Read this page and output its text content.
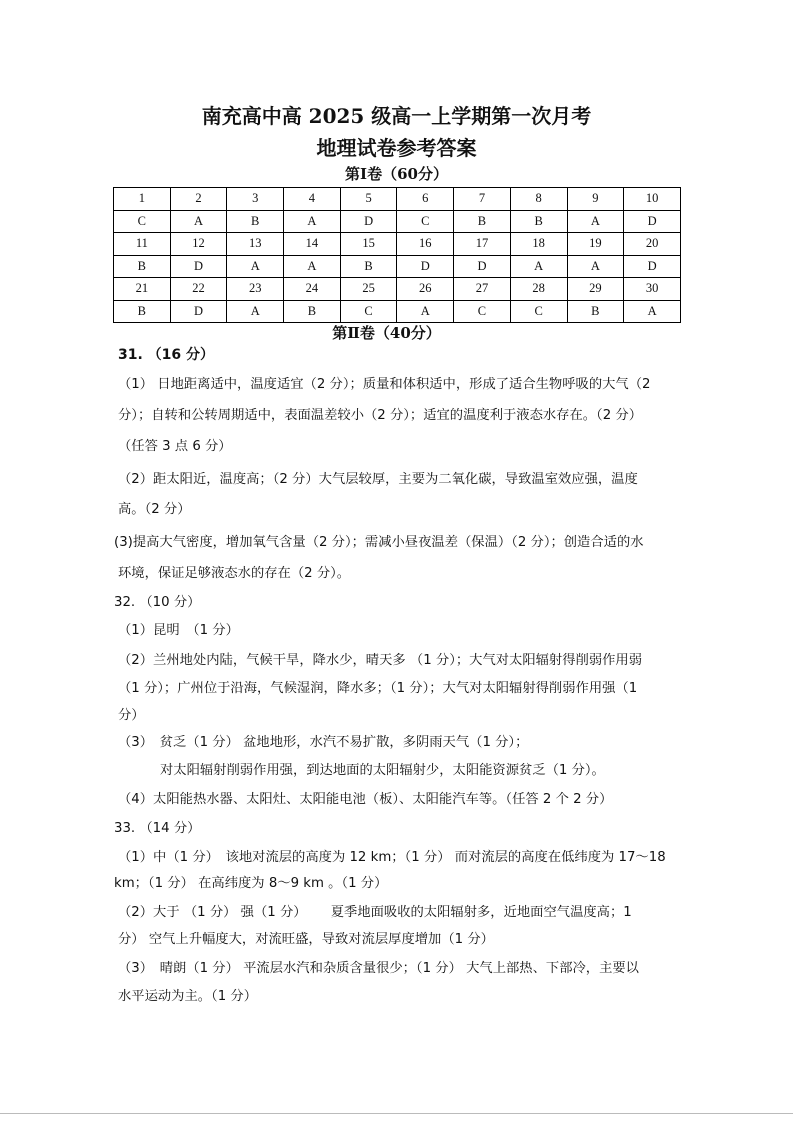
南充高中高 2025 级高一上学期第一次月考
地理试卷参考答案
第Ⅰ卷（60分）
1	2	3	4	5	6	7	8	9	10
C	A	B	A	D	C	B	B	A	D
11	12	13	14	15	16	17	18	19	20
B	D	A	A	B	D	D	A	A	D
21	22	23	24	25	26	27	28	29	30
B	D	A	B	C	A	C	C	B	A
第Ⅱ卷（40分）
31. （16 分）
（1） 日地距离适中，温度适宜（2 分）；质量和体积适中，形成了适合生物呼吸的大气（2
分）；自转和公转周期适中，表面温差较小（2 分）；适宜的温度利于液态水存在。（2 分）
（任答 3 点 6 分）
（2）距太阳近，温度高；（2 分）大气层较厚，主要为二氧化碳，导致温室效应强，温度
高。（2 分）
(3)提高大气密度，增加氧气含量（2 分）；需减小昼夜温差（保温）（2 分）；创造合适的水
环境，保证足够液态水的存在（2 分）。
32. （10 分）
（1）昆明　（1 分）
（2）兰州地处内陆，气候干旱，降水少，晴天多 （1 分）；大气对太阳辐射得削弱作用弱
（1 分）；广州位于沿海，气候湿润，降水多；（1 分）；大气对太阳辐射得削弱作用强（1
分）
（3）　贫乏（1 分） 盆地地形，水汽不易扩散，多阴雨天气（1 分）；
对太阳辐射削弱作用强，到达地面的太阳辐射少，太阳能资源贫乏（1 分）。
（4）太阳能热水器、太阳灶、太阳能电池（板）、太阳能汽车等。（任答 2 个 2 分）
33. （14 分）
（1）中（1 分）　该地对流层的高度为 12 km；（1 分） 而对流层的高度在低纬度为 17～18
km；（1 分） 在高纬度为 8～9 km 。（1 分）
（2）大于 （1 分） 强（1 分）　　 夏季地面吸收的太阳辐射多，近地面空气温度高；1
分） 空气上升幅度大，对流旺盛，导致对流层厚度增加（1 分）
（3）　晴朗（1 分） 平流层水汽和杂质含量很少；（1 分） 大气上部热、下部冷，主要以
水平运动为主。（1 分）
